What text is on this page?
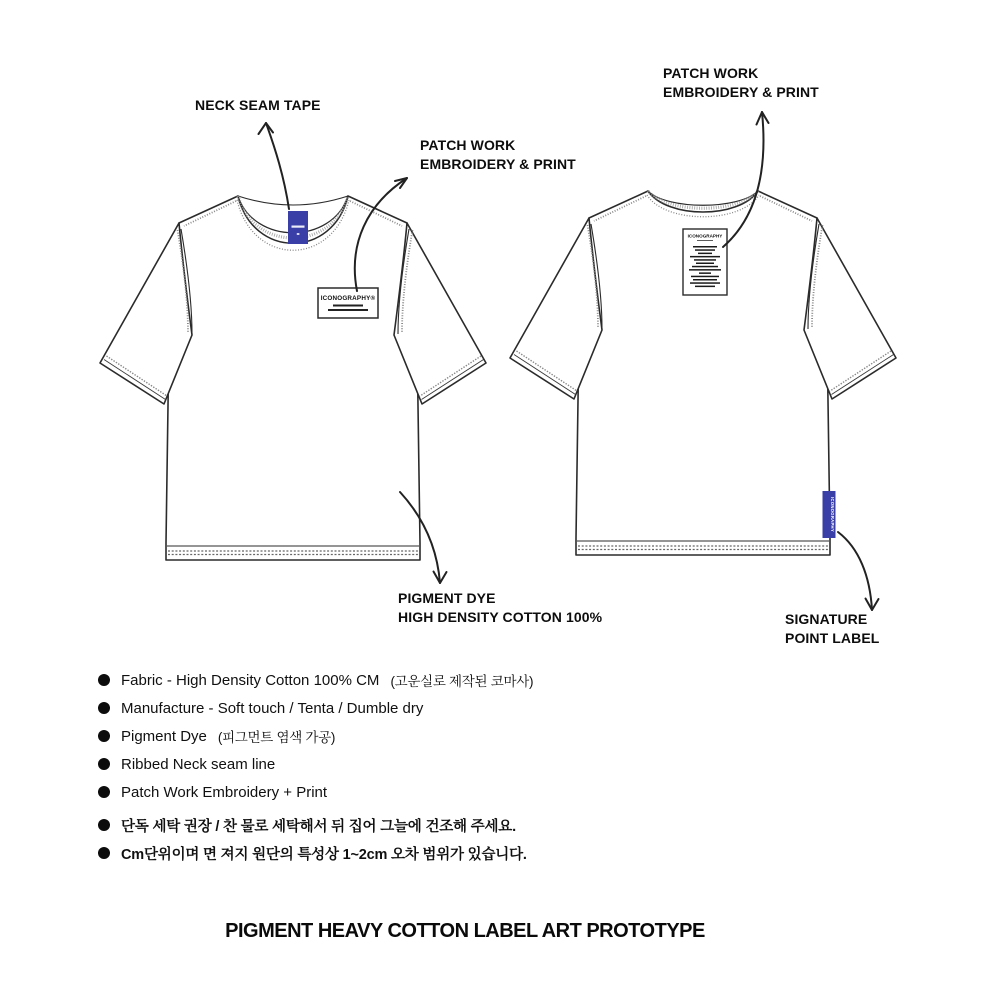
ICONOGRAPHY®
ICONOGRAPHY
ICONOGRAPHY
NECK SEAM TAPE
PATCH WORK
EMBROIDERY & PRINT
PATCH WORK
EMBROIDERY & PRINT
PIGMENT DYE
HIGH DENSITY COTTON 100%	SIGNATURE
POINT LABEL
Fabric - High Density Cotton 100% CM (고운실로 제작된 코마사)
Manufacture - Soft touch / Tenta / Dumble dry
Pigment Dye (피그먼트 염색 가공)
Ribbed Neck seam line
Patch Work Embroidery + Print
단독 세탁 권장 / 찬 물로 세탁해서 뒤 집어 그늘에 건조해 주세요.
Cm단위이며 면 져지 원단의 특성상 1~2cm 오차 범위가 있습니다.
PIGMENT HEAVY COTTON LABEL ART PROTOTYPE
